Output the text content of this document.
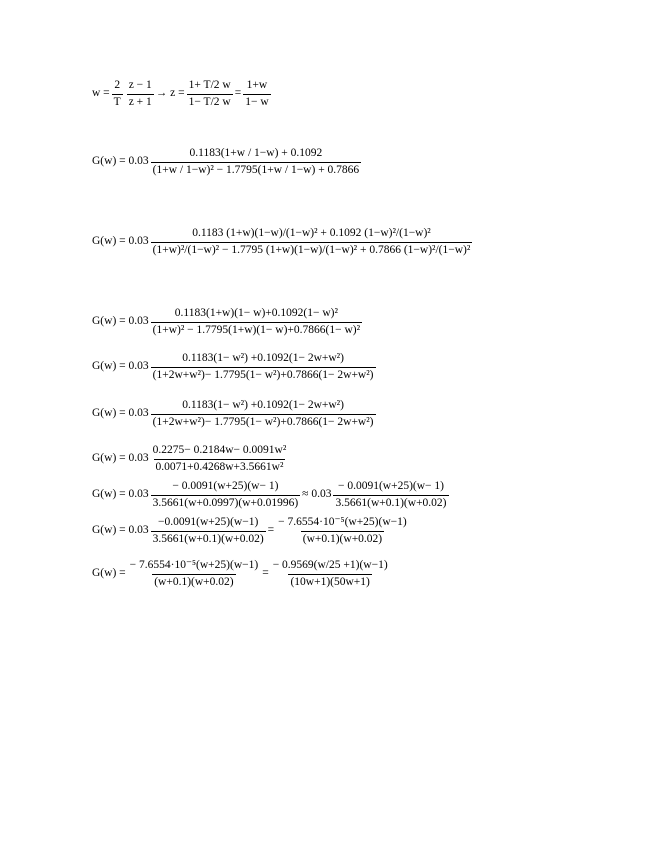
$w = \frac{2}{T} \frac{z - 1}{z + 1} \to z = \frac{1+ T/2 w}{1- T/2 w} = \frac{1+w}{1- w}$
$G(w) = 0.03 \frac{0.1183(1+w / 1-w) + 0.1092}{\text{(1+w / 1−w)² − 1.7795(1+w / 1−w) + 0.7866}}$
G(w) = 0.03
0.1183 (1+w)(1−w)/(1−w)² + 0.1092 (1−w)²/(1−w)²
(1+w)²/(1−w)² − 1.7795 (1+w)(1−w)/(1−w)² + 0.7866 (1−w)²/(1−w)²
$G(w) = 0.03 \frac{\text{0.1183(1+w)(1− w)+0.1092(1− w)²}}{\text{(1+w)² − 1.7795(1+w)(1− w)+0.7866(1− w)²}}$
$G(w) = 0.03 \frac{\text{0.1183(1− w²) +0.1092(1− 2w+w²)}}{\text{(1+2w+w²)− 1.7795(1− w²)+0.7866(1− 2w+w²)}}$
$G(w) = 0.03 \frac{\text{0.1183(1− w²) +0.1092(1− 2w+w²)}}{\text{(1+2w+w²)− 1.7795(1− w²)+0.7866(1− 2w+w²)}}$
$G(w) = 0.03 \frac{\text{0.2275− 0.2184w− 0.0091w²}}{\text{0.0071+0.4268w+3.5661w²}}$
$G(w) = 0.03 \frac{- 0.0091(w+25)(w- 1)}{3.5661(w+0.0997)(w+0.01996)} \approx 0.03 \frac{- 0.0091(w+25)(w- 1)}{3.5661(w+0.1)(w+0.02)}$
$G(w) = 0.03 \frac{-0.0091(w+25)(w-1)}{3.5661(w+0.1)(w+0.02)} = \frac{\text{− 7.6554·10⁻⁵(w+25)(w−1)}}{(w+0.1)(w+0.02)}$
$G(w) = \frac{\text{− 7.6554·10⁻⁵(w+25)(w−1)}}{(w+0.1)(w+0.02)} = \frac{- 0.9569(w/25 +1)(w-1)}{(10w+1)(50w+1)}$
